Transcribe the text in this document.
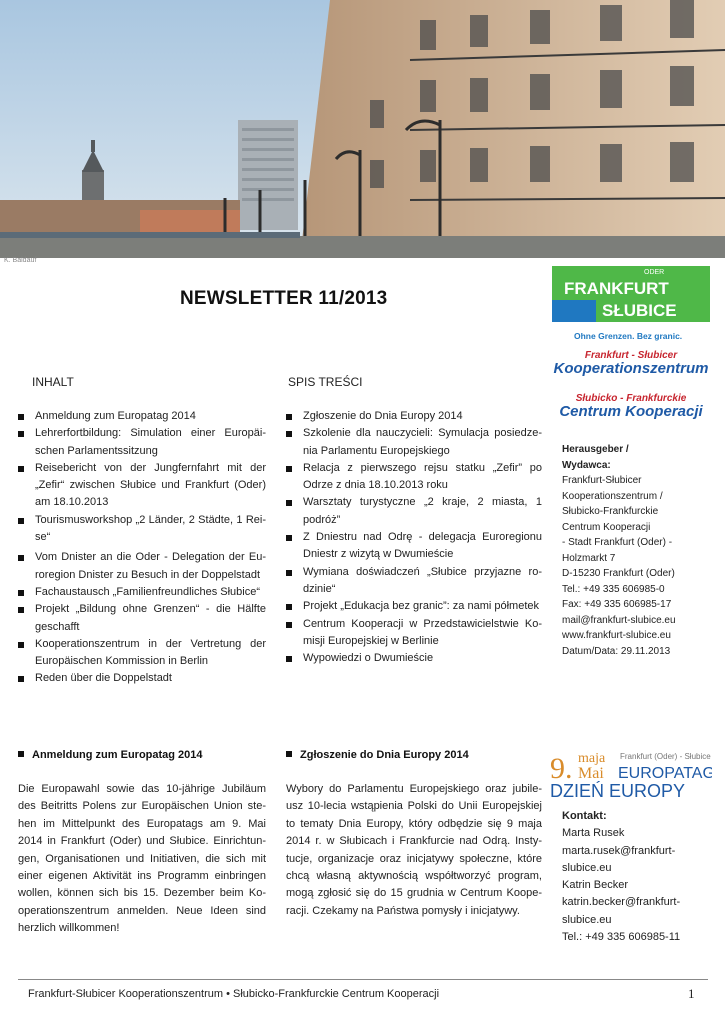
K. Baldauf
NEWSLETTER 11/2013
ODER
FRANKFURT
SŁUBICE
Ohne Grenzen. Bez granic.
Frankfurt - Słubicer
Kooperationszentrum
Słubicko - Frankfurckie
Centrum Kooperacji
INHALT
Anmeldung zum Europatag 2014
Lehrerfortbildung: Simulation einer Europäi-schen Parlamentssitzung
Reisebericht von der Jungfernfahrt mit der „Zefir“ zwischen Słubice und Frankfurt (Oder) am 18.10.2013
Tourismusworkshop „2 Länder, 2 Städte, 1 Rei-se“
Vom Dnister an die Oder - Delegation der Eu-roregion Dnister zu Besuch in der Doppelstadt
Fachaustausch „Familienfreundliches Słubice“
Projekt „Bildung ohne Grenzen“ - die Hälfte geschafft
Kooperationszentrum in der Vertretung der Europäischen Kommission in Berlin
Reden über die Doppelstadt
SPIS TREŚCI
Zgłoszenie do Dnia Europy 2014
Szkolenie dla nauczycieli: Symulacja posiedze-nia Parlamentu Europejskiego
Relacja z pierwszego rejsu statku „Zefir” po Odrze z dnia 18.10.2013 roku
Warsztaty turystyczne „2 kraje, 2 miasta, 1 podróż”
Z Dniestru nad Odrę - delegacja Euroregionu Dniestr z wizytą w Dwumieście
Wymiana doświadczeń „Słubice przyjazne ro-dzinie“
Projekt „Edukacja bez granic”: za nami półmetek
Centrum Kooperacji w Przedstawicielstwie Ko-misji Europejskiej w Berlinie
Wypowiedzi o Dwumieście
Herausgeber /
Wydawca:
Frankfurt-Słubicer
Kooperationszentrum /
Słubicko-Frankfurckie
Centrum Kooperacji
- Stadt Frankfurt (Oder) -
Holzmarkt 7
D-15230 Frankfurt (Oder)
Tel.: +49 335 606985-0
Fax: +49 335 606985-17
mail@frankfurt-slubice.eu
www.frankfurt-slubice.eu
Datum/Data: 29.11.2013
Anmeldung zum Europatag 2014
Die Europawahl sowie das 10-jährige Jubiläum des Beitritts Polens zur Europäischen Union ste-hen im Mittelpunkt des Europatags am 9. Mai 2014 in Frankfurt (Oder) und Słubice. Einrichtun-gen, Organisationen und Initiativen, die sich mit einer eigenen Aktivität ins Programm einbringen wollen, können sich bis 15. Dezember beim Ko-operationszentrum anmelden. Neue Ideen sind herzlich willkommen!
Zgłoszenie do Dnia Europy 2014
Wybory do Parlamentu Europejskiego oraz jubile-usz 10-lecia wstąpienia Polski do Unii Europejskiej to tematy Dnia Europy, który odbędzie się 9 maja 2014 r. w Słubicach i Frankfurcie nad Odrą. Insty-tucje, organizacje oraz inicjatywy społeczne, które chcą własną aktywnością współtworzyć program, mogą zgłosić się do 15 grudnia w Centrum Koope-racji. Czekamy na Państwa pomysły i inicjatywy.
9. maja
Mai
Frankfurt (Oder) - Słubice
EUROPATAG
DZIEŃ EUROPY
Kontakt:
Marta Rusek
marta.rusek@frankfurt-
slubice.eu
Katrin Becker
katrin.becker@frankfurt-
slubice.eu
Tel.: +49 335 606985-11
Frankfurt-Słubicer Kooperationszentrum • Słubicko-Frankfurckie Centrum Kooperacji	1
